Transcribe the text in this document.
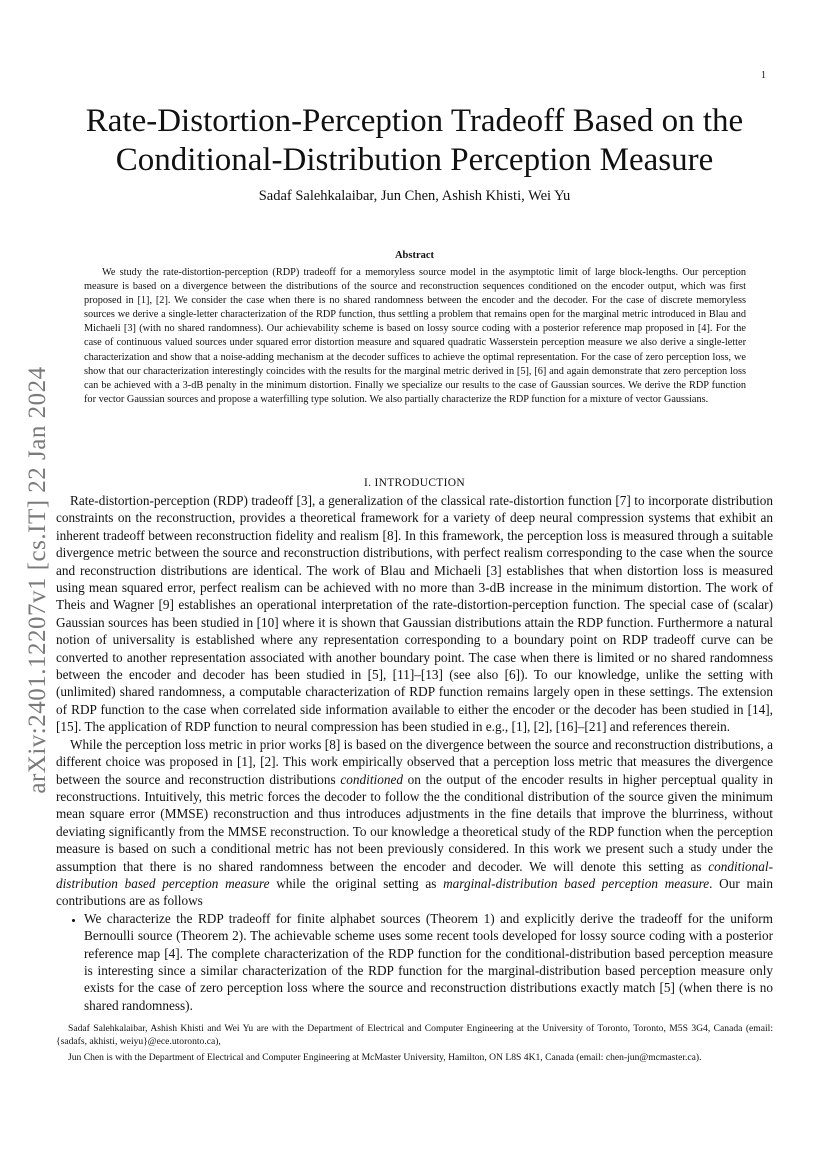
1
arXiv:2401.12207v1 [cs.IT] 22 Jan 2024
Rate-Distortion-Perception Tradeoff Based on the
Conditional-Distribution Perception Measure
Sadaf Salehkalaibar, Jun Chen, Ashish Khisti, Wei Yu
Abstract

We study the rate-distortion-perception (RDP) tradeoff for a memoryless source model in the asymptotic limit of large block-lengths. Our perception measure is based on a divergence between the distributions of the source and reconstruction sequences conditioned on the encoder output, which was first proposed in [1], [2]. We consider the case when there is no shared randomness between the encoder and the decoder. For the case of discrete memoryless sources we derive a single-letter characterization of the RDP function, thus settling a problem that remains open for the marginal metric introduced in Blau and Michaeli [3] (with no shared randomness). Our achievability scheme is based on lossy source coding with a posterior reference map proposed in [4]. For the case of continuous valued sources under squared error distortion measure and squared quadratic Wasserstein perception measure we also derive a single-letter characterization and show that a noise-adding mechanism at the decoder suffices to achieve the optimal representation. For the case of zero perception loss, we show that our characterization interestingly coincides with the results for the marginal metric derived in [5], [6] and again demonstrate that zero perception loss can be achieved with a 3-dB penalty in the minimum distortion. Finally we specialize our results to the case of Gaussian sources. We derive the RDP function for vector Gaussian sources and propose a waterfilling type solution. We also partially characterize the RDP function for a mixture of vector Gaussians.

I. INTRODUCTION

Rate-distortion-perception (RDP) tradeoff [3], a generalization of the classical rate-distortion function [7] to incorporate distribution constraints on the reconstruction, provides a theoretical framework for a variety of deep neural compression systems that exhibit an inherent tradeoff between reconstruction fidelity and realism [8]. In this framework, the perception loss is measured through a suitable divergence metric between the source and reconstruction distributions, with perfect realism corresponding to the case when the source and reconstruction distributions are identical. The work of Blau and Michaeli [3] establishes that when distortion loss is measured using mean squared error, perfect realism can be achieved with no more than 3-dB increase in the minimum distortion. The work of Theis and Wagner [9] establishes an operational interpretation of the rate-distortion-perception function. The special case of (scalar) Gaussian sources has been studied in [10] where it is shown that Gaussian distributions attain the RDP function. Furthermore a natural notion of universality is established where any representation corresponding to a boundary point on RDP tradeoff curve can be converted to another representation associated with another boundary point. The case when there is limited or no shared randomness between the encoder and decoder has been studied in [5], [11]–[13] (see also [6]). To our knowledge, unlike the setting with (unlimited) shared randomness, a computable characterization of RDP function remains largely open in these settings. The extension of RDP function to the case when correlated side information available to either the encoder or the decoder has been studied in [14], [15]. The application of RDP function to neural compression has been studied in e.g., [1], [2], [16]–[21] and references therein.

While the perception loss metric in prior works [8] is based on the divergence between the source and reconstruction distributions, a different choice was proposed in [1], [2]. This work empirically observed that a perception loss metric that measures the divergence between the source and reconstruction distributions conditioned on the output of the encoder results in higher perceptual quality in reconstructions. Intuitively, this metric forces the decoder to follow the the conditional distribution of the source given the minimum mean square error (MMSE) reconstruction and thus introduces adjustments in the fine details that improve the blurriness, without deviating significantly from the MMSE reconstruction. To our knowledge a theoretical study of the RDP function when the perception measure is based on such a conditional metric has not been previously considered. In this work we present such a study under the assumption that there is no shared randomness between the encoder and decoder. We will denote this setting as conditional-distribution based perception measure while the original setting as marginal-distribution based perception measure. Our main contributions are as follows

• We characterize the RDP tradeoff for finite alphabet sources (Theorem 1) and explicitly derive the tradeoff for the uniform Bernoulli source (Theorem 2). The achievable scheme uses some recent tools developed for lossy source coding with a posterior reference map [4]. The complete characterization of the RDP function for the conditional-distribution based perception measure is interesting since a similar characterization of the RDP function for the marginal-distribution based perception measure only exists for the case of zero perception loss where the source and reconstruction distributions exactly match [5] (when there is no shared randomness).

Sadaf Salehkalaibar, Ashish Khisti and Wei Yu are with the Department of Electrical and Computer Engineering at the University of Toronto, Toronto, M5S 3G4, Canada (email:{sadafs, akhisti, weiyu}@ece.utoronto.ca),

Jun Chen is with the Department of Electrical and Computer Engineering at McMaster University, Hamilton, ON L8S 4K1, Canada (email: chen-jun@mcmaster.ca).
